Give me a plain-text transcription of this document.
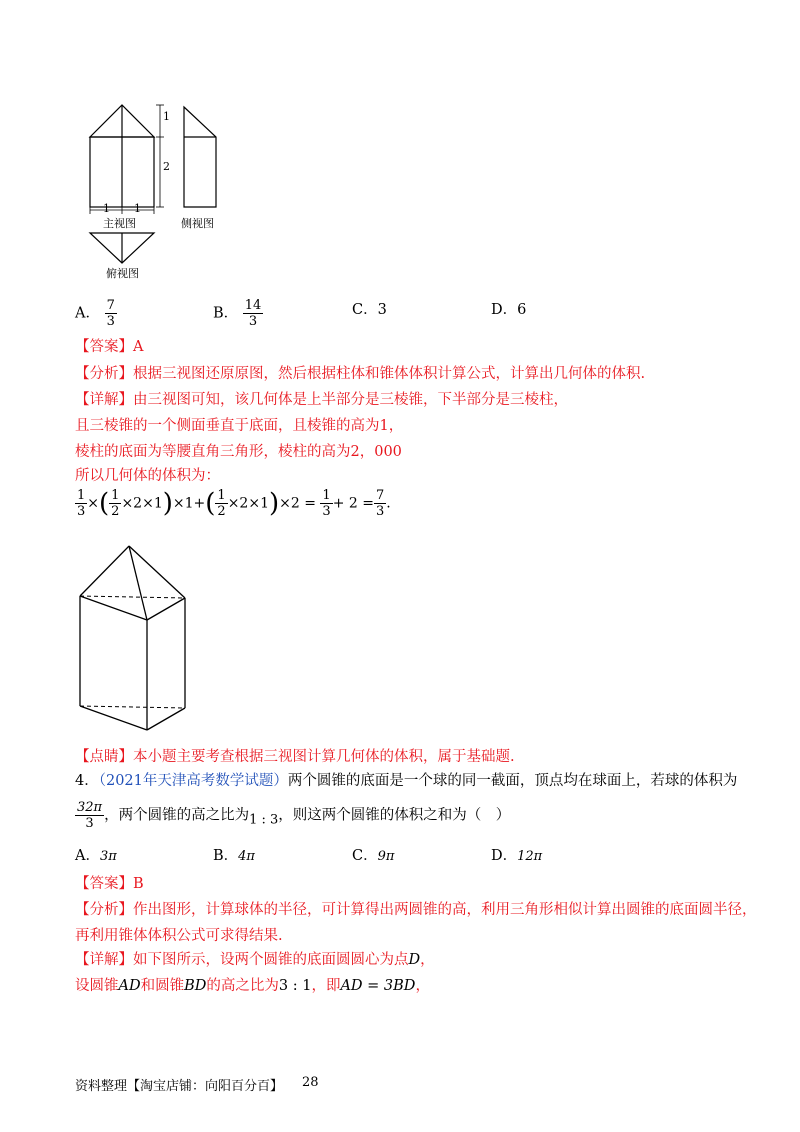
1
2
1 1
主视图	侧视图
俯视图
A． $\frac{7}{3}$	B． $\frac{14}{3}$	C．3	D．6
【答案】A
【分析】根据三视图还原原图，然后根据柱体和锥体体积计算公式，计算出几何体的体积.
【详解】由三视图可知，该几何体是上半部分是三棱锥，下半部分是三棱柱，
且三棱锥的一个侧面垂直于底面，且棱锥的高为1，
棱柱的底面为等腰直角三角形，棱柱的高为2，000
所以几何体的体积为：
$\frac{1}{3}$ ×( $\frac{1}{2} \times 2\times 1)\times 1+( \frac{1}{2} \times 2\times 1)\times 2 = \frac{1}{3} + 2 = \frac{7}{3}$ .
【点睛】本小题主要考查根据三视图计算几何体的体积，属于基础题.
4．（2021年天津高考数学试题）两个圆锥的底面是一个球的同一截面，顶点均在球面上，若球的体积为
$\frac{32\pi}{3}$ ，两个圆锥的高之比为1 : 3，则这两个圆锥的体积之和为（　）
A．3π	B．4π	C．9π	D．12π
【答案】B
【分析】作出图形，计算球体的半径，可计算得出两圆锥的高，利用三角形相似计算出圆锥的底面圆半径，
再利用锥体体积公式可求得结果.
【详解】如下图所示，设两个圆锥的底面圆圆心为点D，
设圆锥AD和圆锥BD的高之比为3 : 1，即AD = 3BD，
资料整理【淘宝店铺：向阳百分百】 28
